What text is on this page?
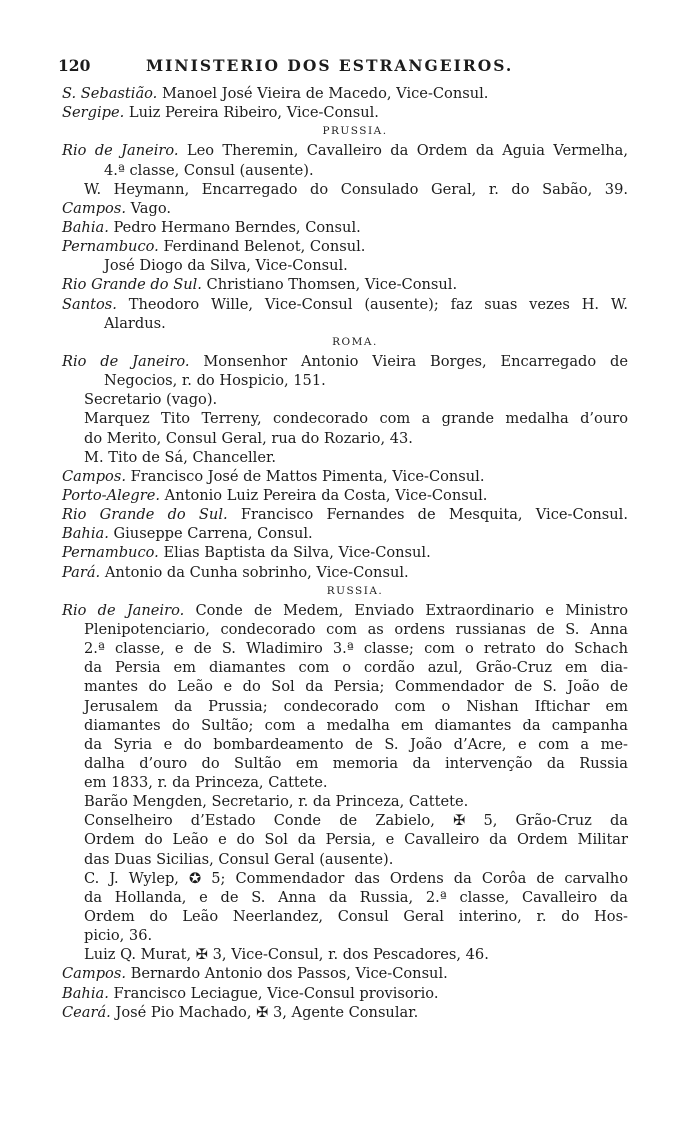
120	MINISTERIO DOS ESTRANGEIROS.
S. Sebastião. Manoel José Vieira de Macedo, Vice-Consul.
Sergipe. Luiz Pereira Ribeiro, Vice-Consul.
PRUSSIA.
Rio de Janeiro. Leo Theremin, Cavalleiro da Ordem da Aguia Vermelha,
4.ª classe, Consul (ausente).
W. Heymann, Encarregado do Consulado Geral, r. do Sabão, 39.
Campos. Vago.
Bahia. Pedro Hermano Berndes, Consul.
Pernambuco. Ferdinand Belenot, Consul.
José Diogo da Silva, Vice-Consul.
Rio Grande do Sul. Christiano Thomsen, Vice-Consul.
Santos. Theodoro Wille, Vice-Consul (ausente); faz suas vezes H. W.
Alardus.
ROMA.
Rio de Janeiro. Monsenhor Antonio Vieira Borges, Encarregado de
Negocios, r. do Hospicio, 151.
Secretario (vago).
Marquez Tito Terreny, condecorado com a grande medalha d’ouro
do Merito, Consul Geral, rua do Rozario, 43.
M. Tito de Sá, Chanceller.
Campos. Francisco José de Mattos Pimenta, Vice-Consul.
Porto-Alegre. Antonio Luiz Pereira da Costa, Vice-Consul.
Rio Grande do Sul. Francisco Fernandes de Mesquita, Vice-Consul.
Bahia. Giuseppe Carrena, Consul.
Pernambuco. Elias Baptista da Silva, Vice-Consul.
Pará. Antonio da Cunha sobrinho, Vice-Consul.
RUSSIA.
Rio de Janeiro. Conde de Medem, Enviado Extraordinario e Ministro
Plenipotenciario, condecorado com as ordens russianas de S. Anna
2.ª classe, e de S. Wladimiro 3.ª classe; com o retrato do Schach
da Persia em diamantes com o cordão azul, Grão-Cruz em dia-
mantes do Leão e do Sol da Persia; Commendador de S. João de
Jerusalem da Prussia; condecorado com o Nishan Iftichar em
diamantes do Sultão; com a medalha em diamantes da campanha
da Syria e do bombardeamento de S. João d’Acre, e com a me-
dalha d’ouro do Sultão em memoria da intervenção da Russia
em 1833, r. da Princeza, Cattete.
Barão Mengden, Secretario, r. da Princeza, Cattete.
Conselheiro d’Estado Conde de Zabielo, ✠ 5, Grão-Cruz da
Ordem do Leão e do Sol da Persia, e Cavalleiro da Ordem Militar
das Duas Sicilias, Consul Geral (ausente).
C. J. Wylep, ✪ 5; Commendador das Ordens da Corôa de carvalho
da Hollanda, e de S. Anna da Russia, 2.ª classe, Cavalleiro da
Ordem do Leão Neerlandez, Consul Geral interino, r. do Hos-
picio, 36.
Luiz Q. Murat, ✠ 3, Vice-Consul, r. dos Pescadores, 46.
Campos. Bernardo Antonio dos Passos, Vice-Consul.
Bahia. Francisco Leciague, Vice-Consul provisorio.
Ceará. José Pio Machado, ✠ 3, Agente Consular.
